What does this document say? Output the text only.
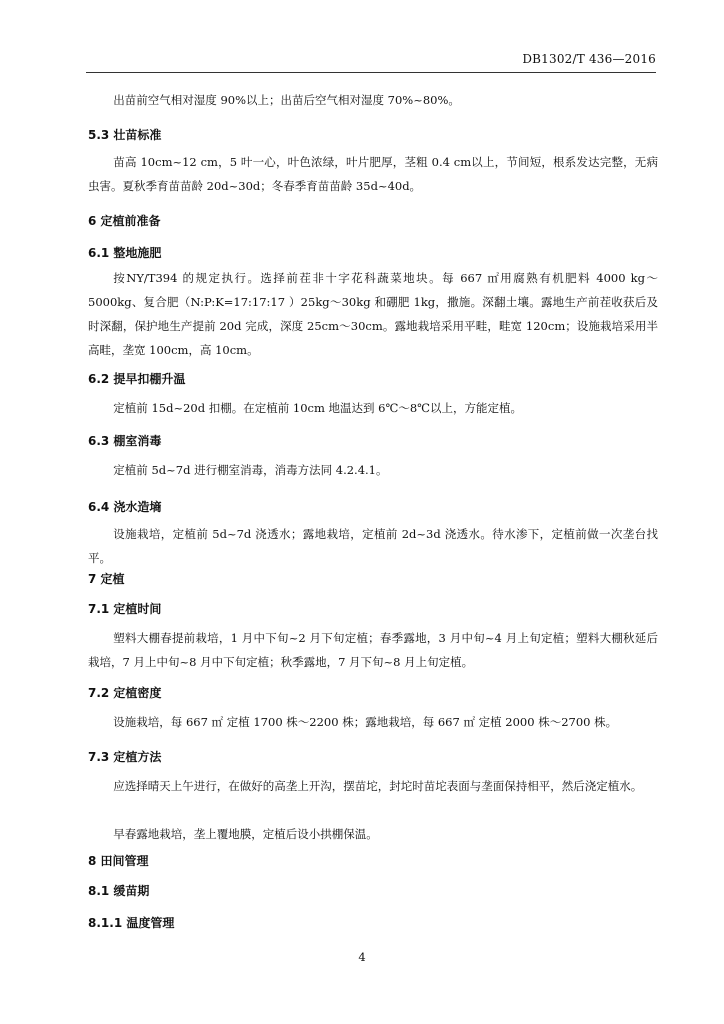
DB1302/T 436—2016
出苗前空气相对湿度 90%以上；出苗后空气相对湿度 70%~80%。
5.3 壮苗标准
苗高 10cm~12 cm，5 叶一心，叶色浓绿，叶片肥厚，茎粗 0.4 cm以上，节间短，根系发达完整，无病虫害。夏秋季育苗苗龄 20d~30d；冬春季育苗苗龄 35d~40d。
6 定植前准备
6.1 整地施肥
按NY/T394 的规定执行。选择前茬非十字花科蔬菜地块。每 667 ㎡用腐熟有机肥料 4000 kg～5000kg、复合肥（N:P:K=17:17:17 ）25kg～30kg 和硼肥 1kg，撒施。深翻土壤。露地生产前茬收获后及时深翻，保护地生产提前 20d 完成，深度 25cm～30cm。露地栽培采用平畦，畦宽 120cm；设施栽培采用半高畦，垄宽 100cm，高 10cm。
6.2 提早扣棚升温
定植前 15d~20d 扣棚。在定植前 10cm 地温达到 6℃～8℃以上，方能定植。
6.3 棚室消毒
定植前 5d~7d 进行棚室消毒，消毒方法同 4.2.4.1。
6.4 浇水造墒
设施栽培，定植前 5d~7d 浇透水；露地栽培，定植前 2d~3d 浇透水。待水渗下，定植前做一次垄台找平。
7 定植
7.1 定植时间
塑料大棚春提前栽培，1 月中下旬~2 月下旬定植；春季露地，3 月中旬~4 月上旬定植；塑料大棚秋延后栽培，7 月上中旬~8 月中下旬定植；秋季露地，7 月下旬~8 月上旬定植。
7.2 定植密度
设施栽培，每 667 ㎡ 定植 1700 株～2200 株；露地栽培，每 667 ㎡ 定植 2000 株～2700 株。
7.3 定植方法
应选择晴天上午进行，在做好的高垄上开沟，摆苗坨，封坨时苗坨表面与垄面保持相平，然后浇定植水。
早春露地栽培，垄上覆地膜，定植后设小拱棚保温。
8 田间管理
8.1 缓苗期
8.1.1 温度管理
4
